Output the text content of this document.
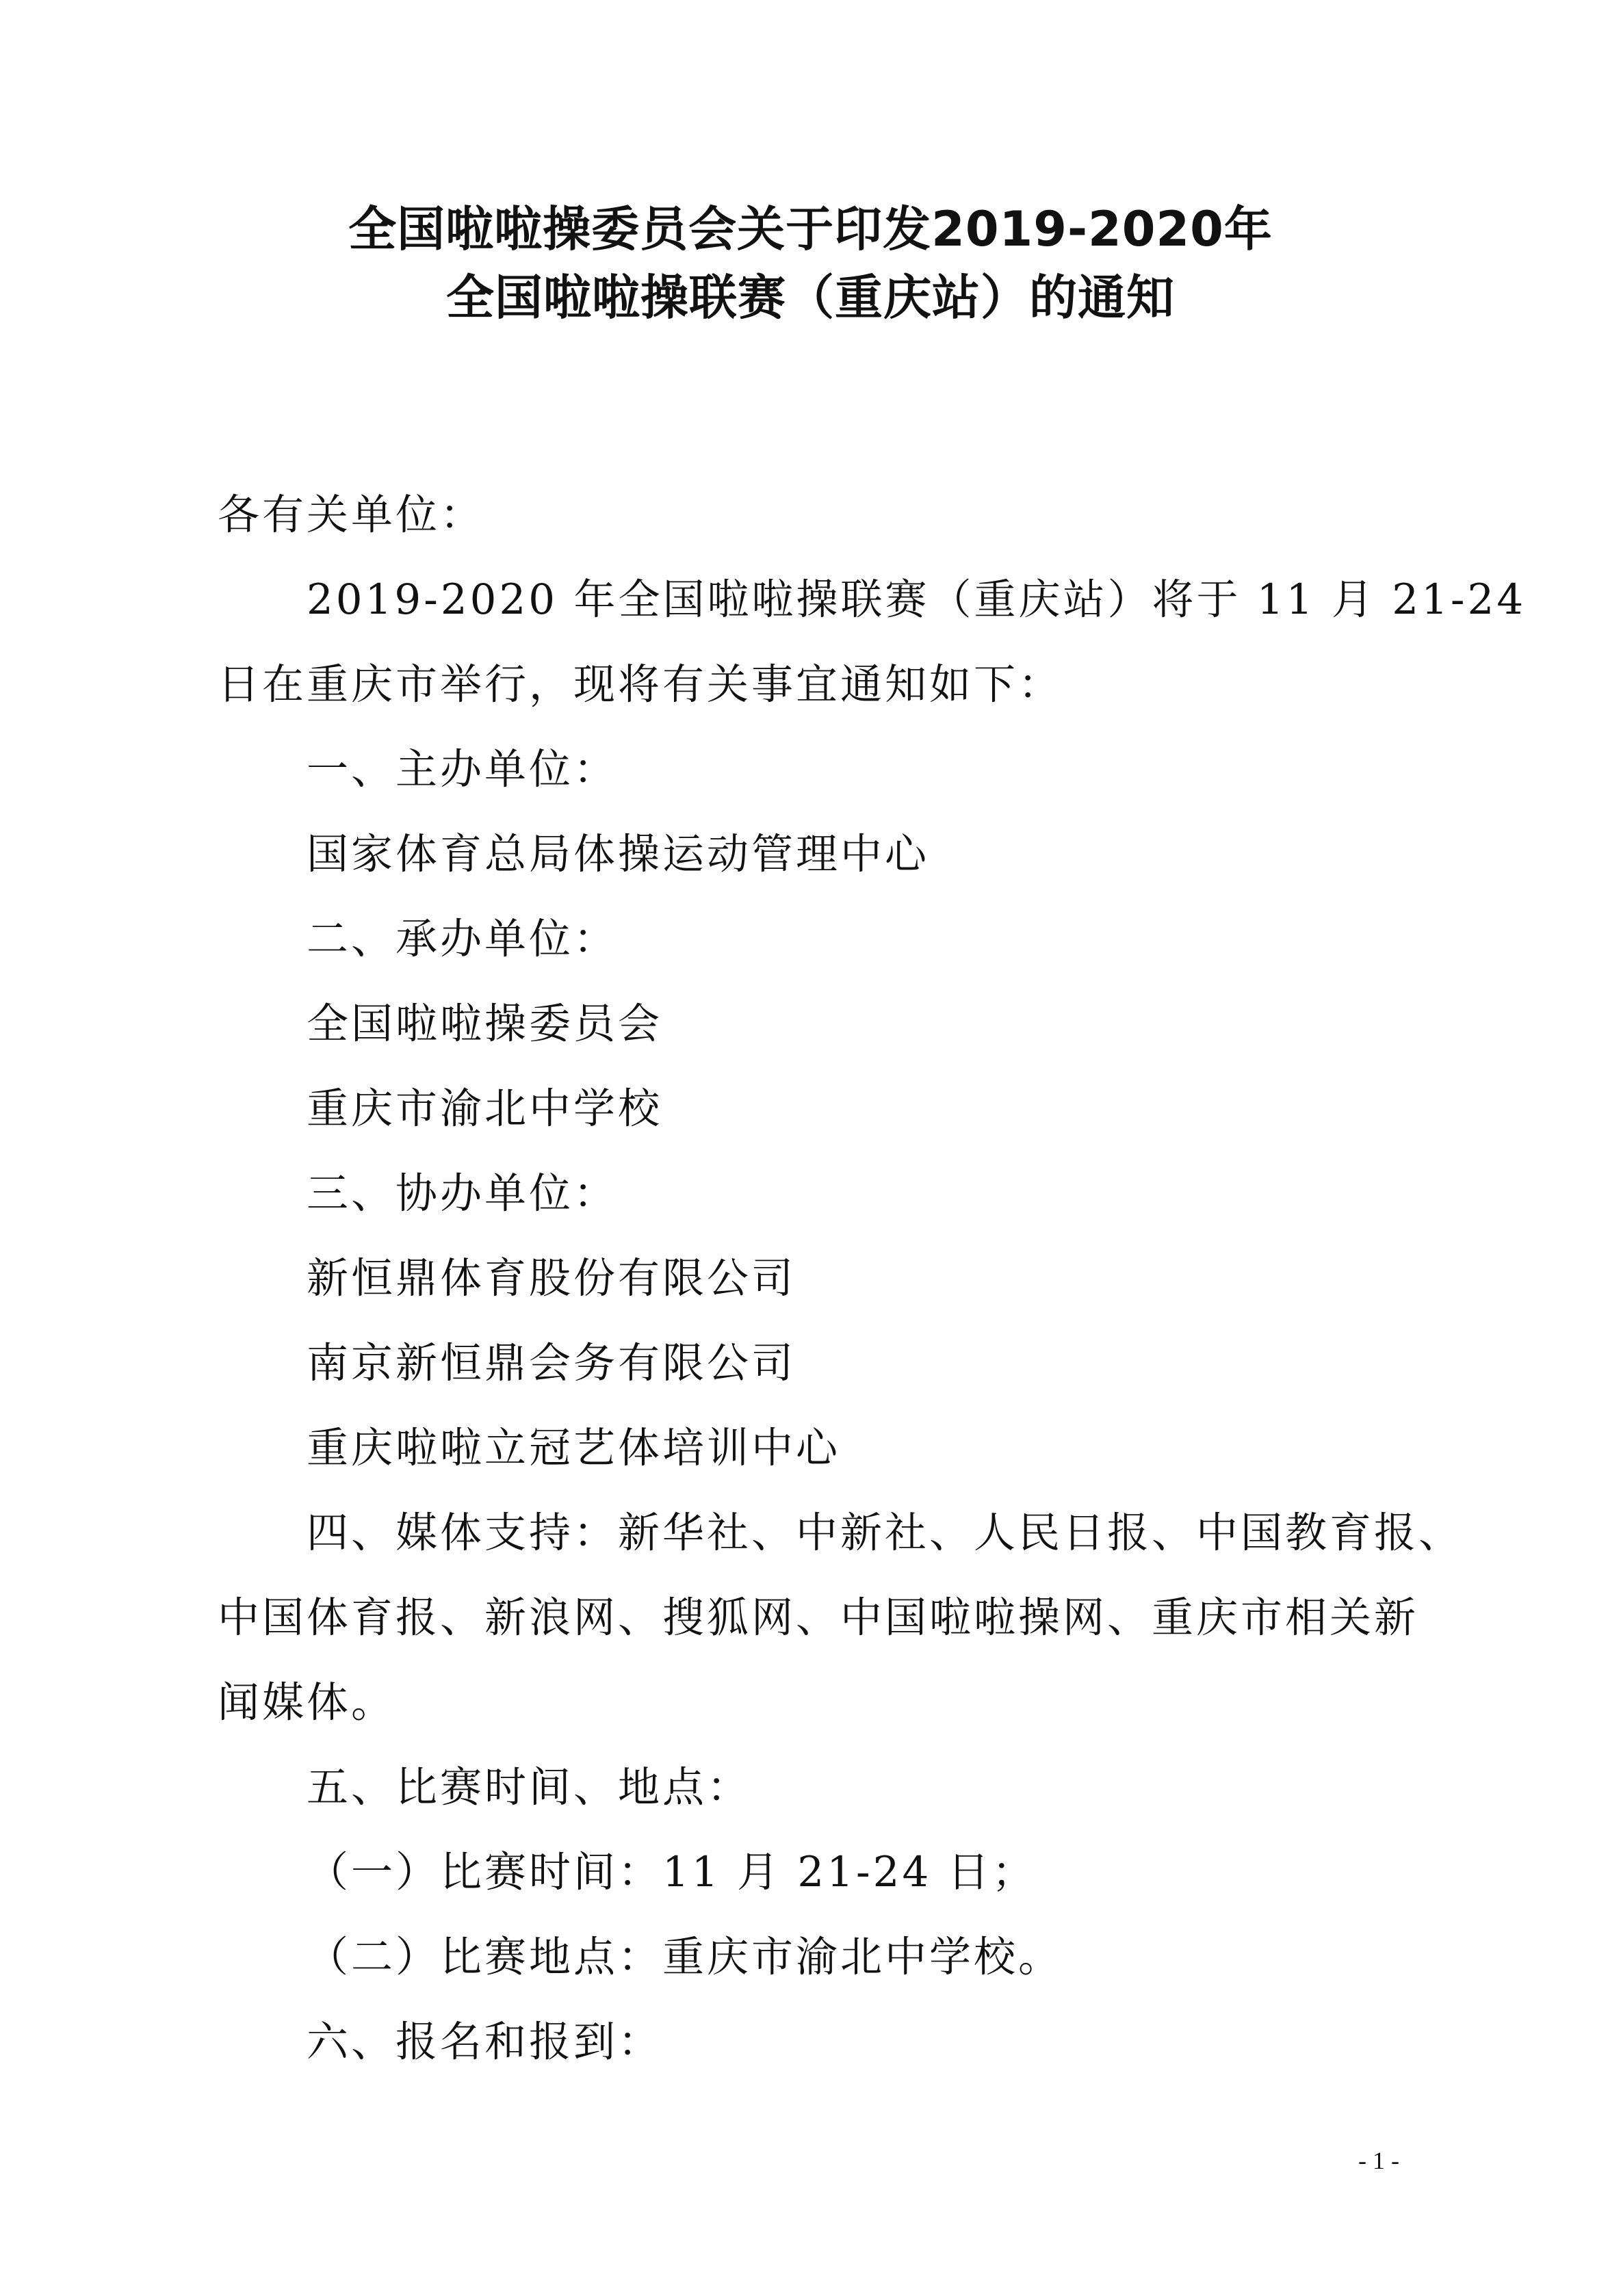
全国啦啦操委员会关于印发2019-2020年
全国啦啦操联赛（重庆站）的通知
各有关单位：
2019-2020 年全国啦啦操联赛（重庆站）将于 11 月 21-24
日在重庆市举行，现将有关事宜通知如下：
一、主办单位：
国家体育总局体操运动管理中心
二、承办单位：
全国啦啦操委员会
重庆市渝北中学校
三、协办单位：
新恒鼎体育股份有限公司
南京新恒鼎会务有限公司
重庆啦啦立冠艺体培训中心
四、媒体支持：新华社、中新社、人民日报、中国教育报、
中国体育报、新浪网、搜狐网、中国啦啦操网、重庆市相关新
闻媒体。
五、比赛时间、地点：
（一）比赛时间：11 月 21-24 日；
（二）比赛地点：重庆市渝北中学校。
六、报名和报到：
- 1 -
